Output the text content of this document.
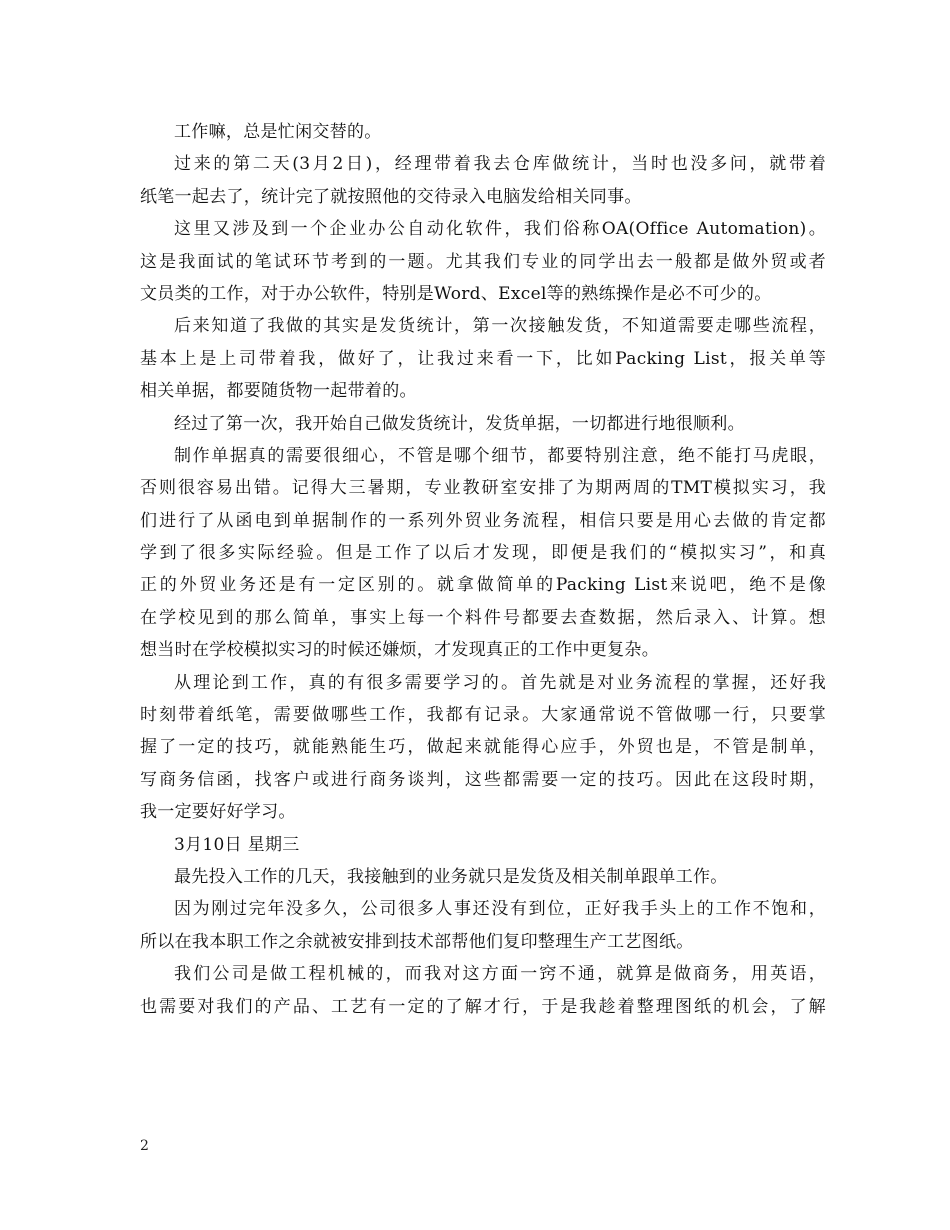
工作嘛，总是忙闲交替的。
过来的第二天(3月2日)，经理带着我去仓库做统计，当时也没多问，就带着
纸笔一起去了，统计完了就按照他的交待录入电脑发给相关同事。
这里又涉及到一个企业办公自动化软件，我们俗称OA(Office Automation)。
这是我面试的笔试环节考到的一题。尤其我们专业的同学出去一般都是做外贸或者
文员类的工作，对于办公软件，特别是Word、Excel等的熟练操作是必不可少的。
后来知道了我做的其实是发货统计，第一次接触发货，不知道需要走哪些流程，
基本上是上司带着我，做好了，让我过来看一下，比如Packing List，报关单等
相关单据，都要随货物一起带着的。
经过了第一次，我开始自己做发货统计，发货单据，一切都进行地很顺利。
制作单据真的需要很细心，不管是哪个细节，都要特别注意，绝不能打马虎眼，
否则很容易出错。记得大三暑期，专业教研室安排了为期两周的TMT模拟实习，我
们进行了从函电到单据制作的一系列外贸业务流程，相信只要是用心去做的肯定都
学到了很多实际经验。但是工作了以后才发现，即便是我们的“模拟实习”，和真
正的外贸业务还是有一定区别的。就拿做简单的Packing List来说吧，绝不是像
在学校见到的那么简单，事实上每一个料件号都要去查数据，然后录入、计算。想
想当时在学校模拟实习的时候还嫌烦，才发现真正的工作中更复杂。
从理论到工作，真的有很多需要学习的。首先就是对业务流程的掌握，还好我
时刻带着纸笔，需要做哪些工作，我都有记录。大家通常说不管做哪一行，只要掌
握了一定的技巧，就能熟能生巧，做起来就能得心应手，外贸也是，不管是制单，
写商务信函，找客户或进行商务谈判，这些都需要一定的技巧。因此在这段时期，
我一定要好好学习。
3月10日 星期三
最先投入工作的几天，我接触到的业务就只是发货及相关制单跟单工作。
因为刚过完年没多久，公司很多人事还没有到位，正好我手头上的工作不饱和，
所以在我本职工作之余就被安排到技术部帮他们复印整理生产工艺图纸。
我们公司是做工程机械的，而我对这方面一窍不通，就算是做商务，用英语，
也需要对我们的产品、工艺有一定的了解才行，于是我趁着整理图纸的机会，了解
2
